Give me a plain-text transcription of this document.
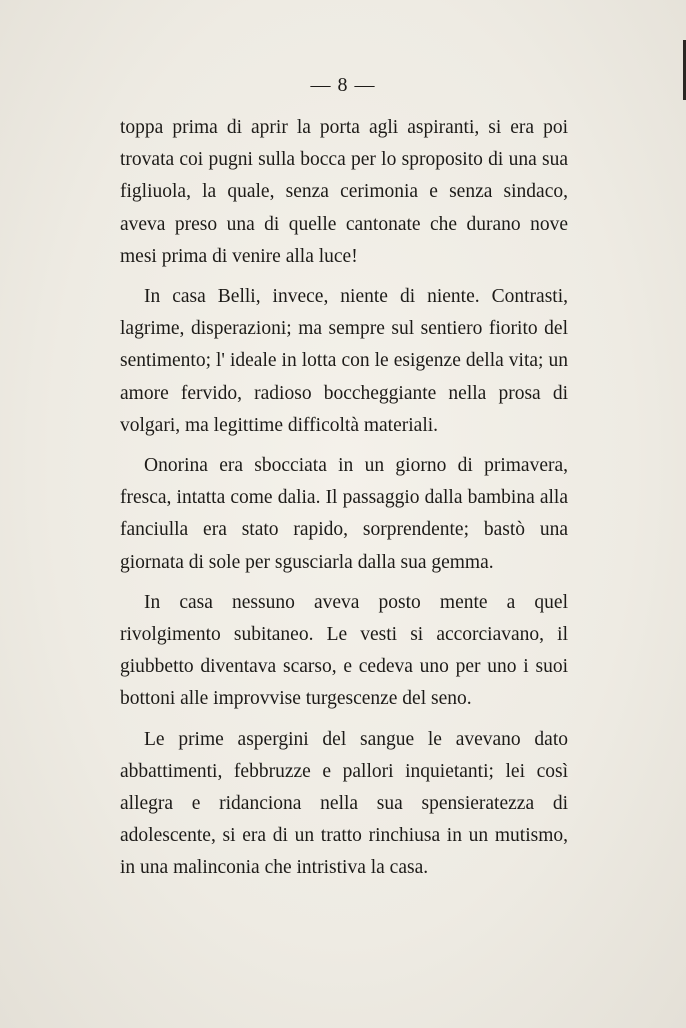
— 8 —

toppa prima di aprir la porta agli aspiranti, si era poi trovata coi pugni sulla bocca per lo sproposito di una sua figliuola, la quale, senza cerimonia e senza sindaco, aveva preso una di quelle cantonate che durano nove mesi prima di venire alla luce!

In casa Belli, invece, niente di niente. Contrasti, lagrime, disperazioni; ma sempre sul sentiero fiorito del sentimento; l' ideale in lotta con le esigenze della vita; un amore fervido, radioso boccheggiante nella prosa di volgari, ma legittime difficoltà materiali.

Onorina era sbocciata in un giorno di primavera, fresca, intatta come dalia. Il passaggio dalla bambina alla fanciulla era stato rapido, sorprendente; bastò una giornata di sole per sgusciarla dalla sua gemma.

In casa nessuno aveva posto mente a quel rivolgimento subitaneo. Le vesti si accorciavano, il giubbetto diventava scarso, e cedeva uno per uno i suoi bottoni alle improvvise turgescenze del seno.

Le prime aspergini del sangue le avevano dato abbattimenti, febbruzze e pallori inquietanti; lei così allegra e ridanciona nella sua spensieratezza di adolescente, si era di un tratto rinchiusa in un mutismo, in una malinconia che intristiva la casa.
